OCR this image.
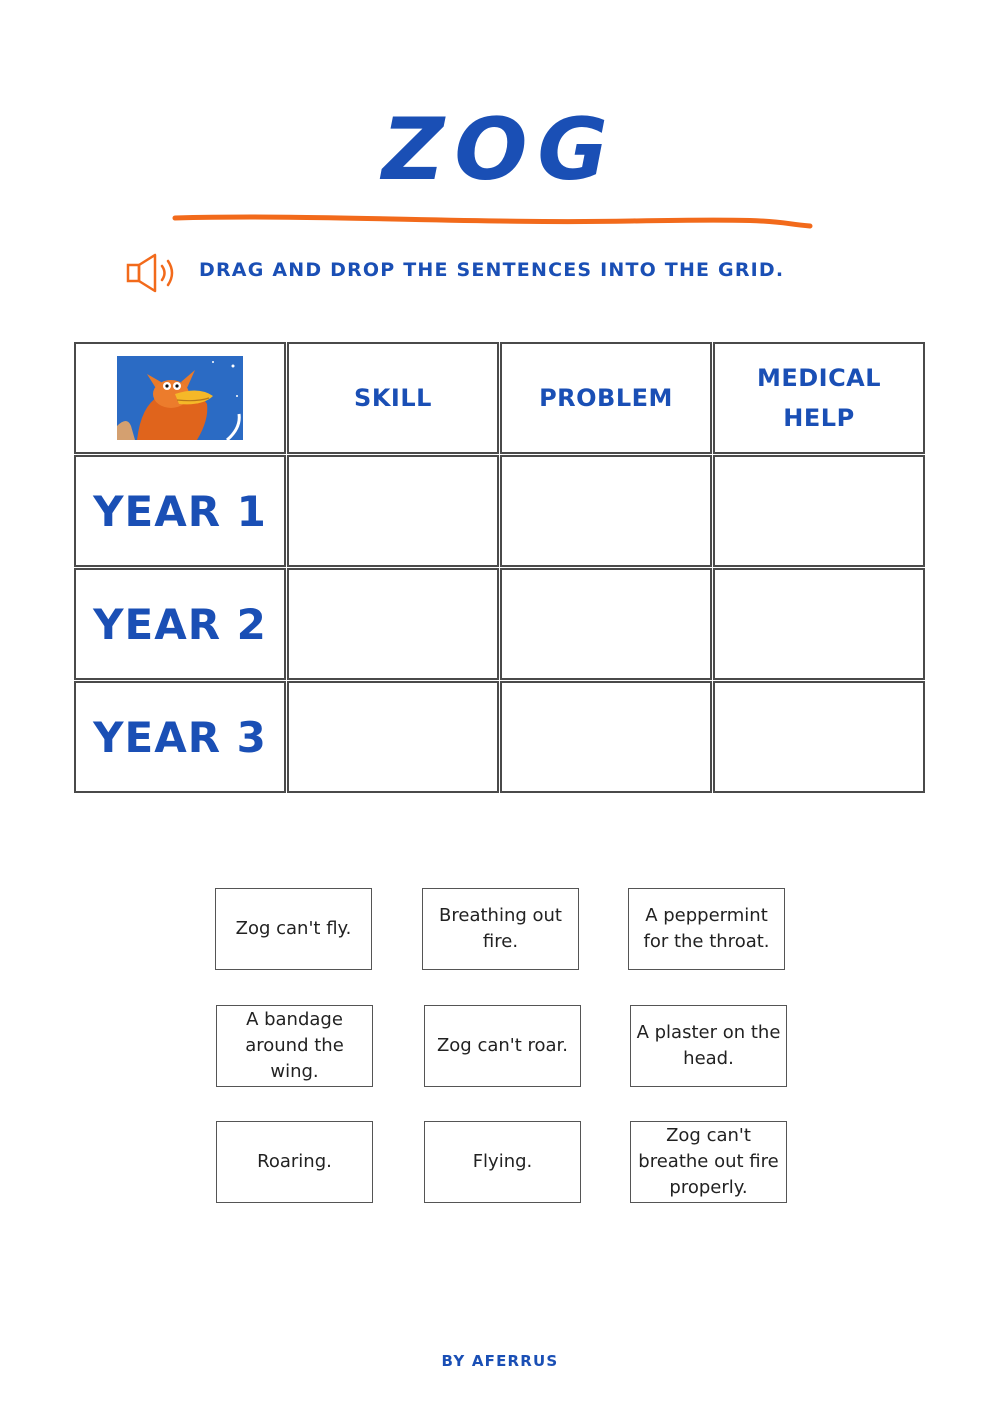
ZOG
DRAG AND DROP THE SENTENCES INTO THE GRID.
SKILL	PROBLEM
MEDICAL
HELP
YEAR 1
YEAR 2
YEAR 3
Zog can't fly.
Breathing out fire.
A peppermint for the throat.
A bandage around the wing.
Zog can't roar.
A plaster on the head.
Roaring.	Flying.
Zog can't breathe out fire properly.
BY AFERRUS
